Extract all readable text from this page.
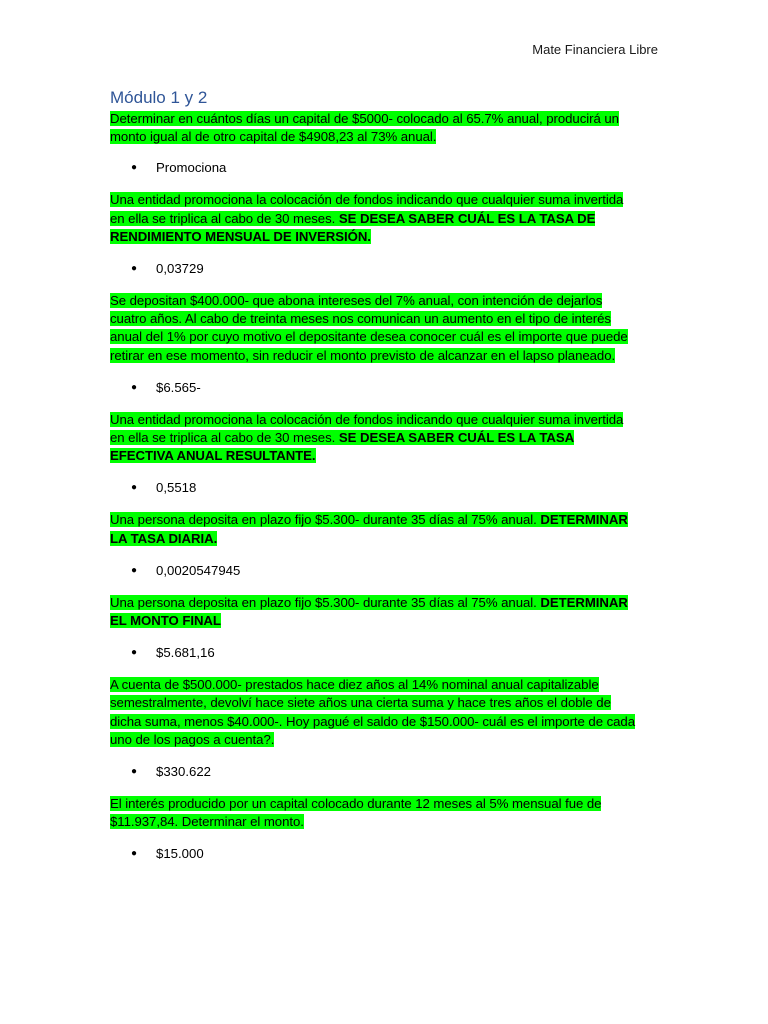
Mate Financiera Libre
Módulo 1 y 2

Determinar en cuántos días un capital de $5000- colocado al 65.7% anual, producirá un monto igual al de otro capital de $4908,23 al 73% anual.

● Promociona

Una entidad promociona la colocación de fondos indicando que cualquier suma invertida en ella se triplica al cabo de 30 meses. SE DESEA SABER CUÁL ES LA TASA DE RENDIMIENTO MENSUAL DE INVERSIÓN.

● 0,03729

Se depositan $400.000- que abona intereses del 7% anual, con intención de dejarlos cuatro años. Al cabo de treinta meses nos comunican un aumento en el tipo de interés anual del 1% por cuyo motivo el depositante desea conocer cuál es el importe que puede retirar en ese momento, sin reducir el monto previsto de alcanzar en el lapso planeado.

● $6.565-

Una entidad promociona la colocación de fondos indicando que cualquier suma invertida en ella se triplica al cabo de 30 meses. SE DESEA SABER CUÁL ES LA TASA EFECTIVA ANUAL RESULTANTE.

● 0,5518

Una persona deposita en plazo fijo $5.300- durante 35 días al 75% anual. DETERMINAR LA TASA DIARIA.

● 0,0020547945

Una persona deposita en plazo fijo $5.300- durante 35 días al 75% anual. DETERMINAR EL MONTO FINAL

● $5.681,16

A cuenta de $500.000- prestados hace diez años al 14% nominal anual capitalizable semestralmente, devolví hace siete años una cierta suma y hace tres años el doble de dicha suma, menos $40.000-. Hoy pagué el saldo de $150.000- cuál es el importe de cada uno de los pagos a cuenta?.

● $330.622

El interés producido por un capital colocado durante 12 meses al 5% mensual fue de $11.937,84. Determinar el monto.

● $15.000
